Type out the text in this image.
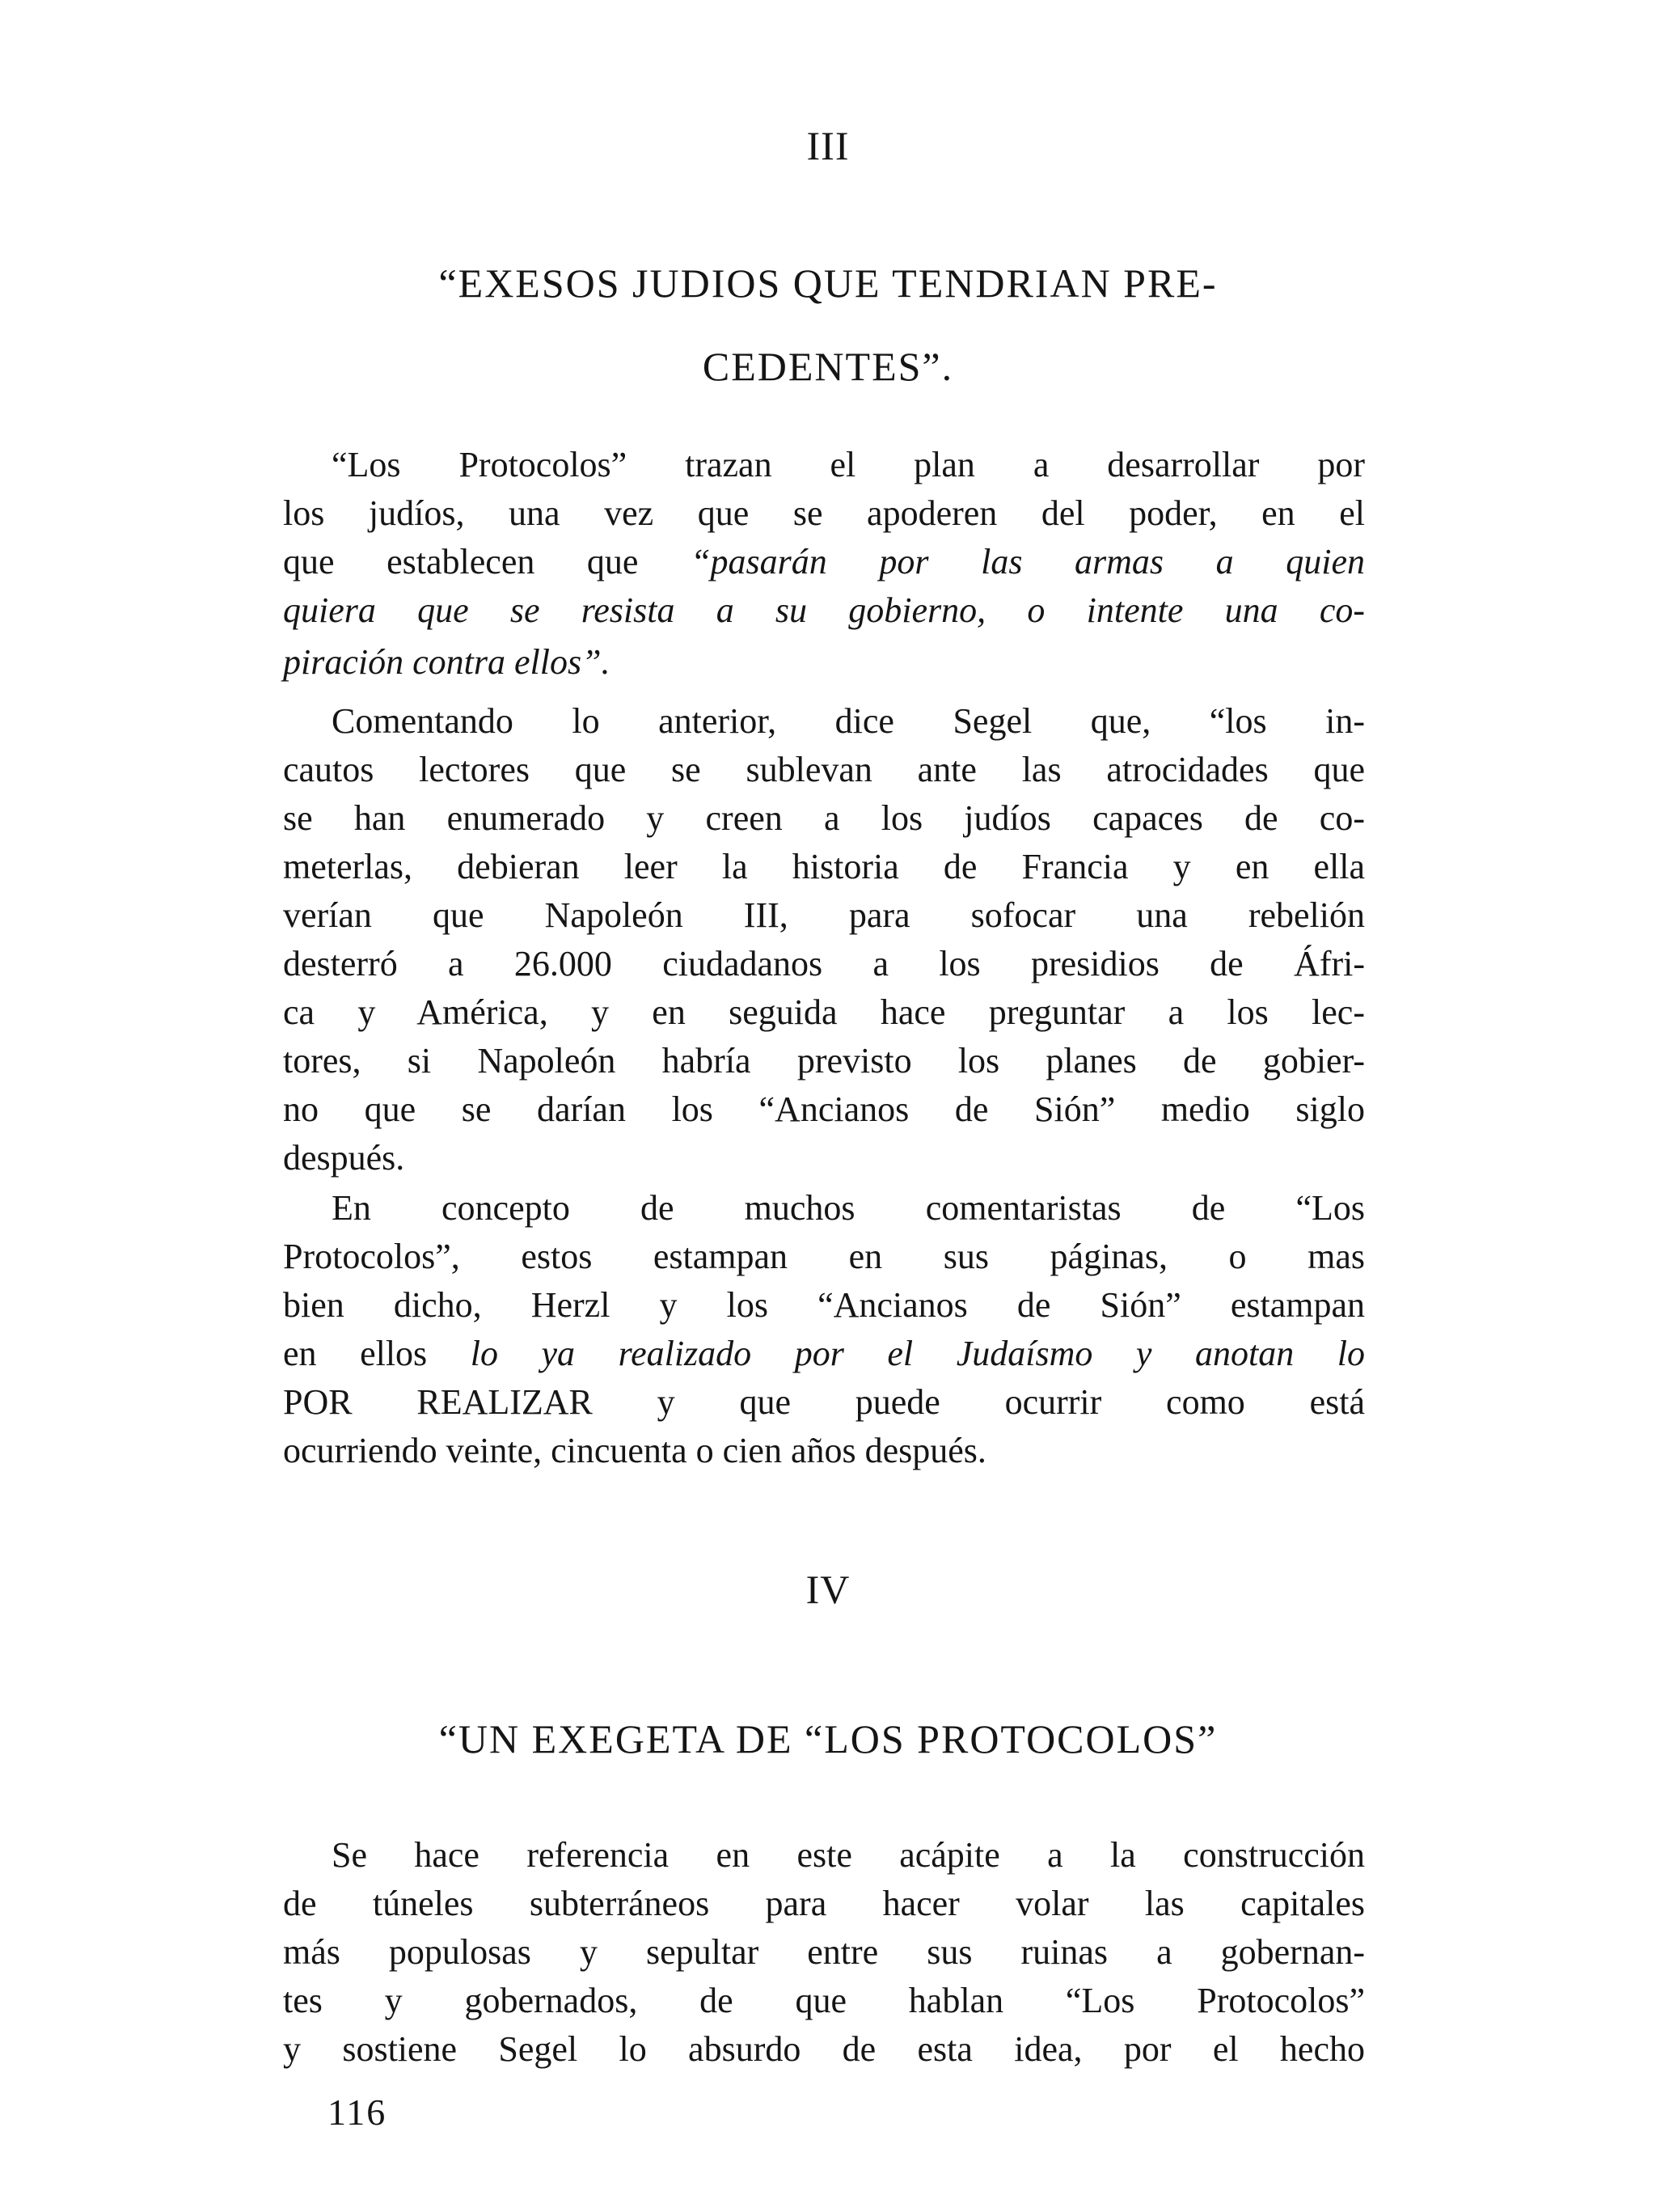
III
“EXESOS JUDIOS QUE TENDRIAN PRE-
CEDENTES”.
“Los Protocolos” trazan el plan a desarrollar por
los judíos, una vez que se apoderen del poder, en el
que establecen que “pasarán por las armas a quien
quiera que se resista a su gobierno, o intente una co-
piración contra ellos”.
Comentando lo anterior, dice Segel que, “los in-
cautos lectores que se sublevan ante las atrocidades que
se han enumerado y creen a los judíos capaces de co-
meterlas, debieran leer la historia de Francia y en ella
verían que Napoleón III, para sofocar una rebelión
desterró a 26.000 ciudadanos a los presidios de Áfri-
ca y América, y en seguida hace preguntar a los lec-
tores, si Napoleón habría previsto los planes de gobier-
no que se darían los “Ancianos de Sión” medio siglo
después.
En concepto de muchos comentaristas de “Los
Protocolos”, estos estampan en sus páginas, o mas
bien dicho, Herzl y los “Ancianos de Sión” estampan
en ellos lo ya realizado por el Judaísmo y anotan lo
POR REALIZAR y que puede ocurrir como está
ocurriendo veinte, cincuenta o cien años después.
IV
“UN EXEGETA DE “LOS PROTOCOLOS”
Se hace referencia en este acápite a la construcción
de túneles subterráneos para hacer volar las capitales
más populosas y sepultar entre sus ruinas a gobernan-
tes y gobernados, de que hablan “Los Protocolos”
y sostiene Segel lo absurdo de esta idea, por el hecho
116
